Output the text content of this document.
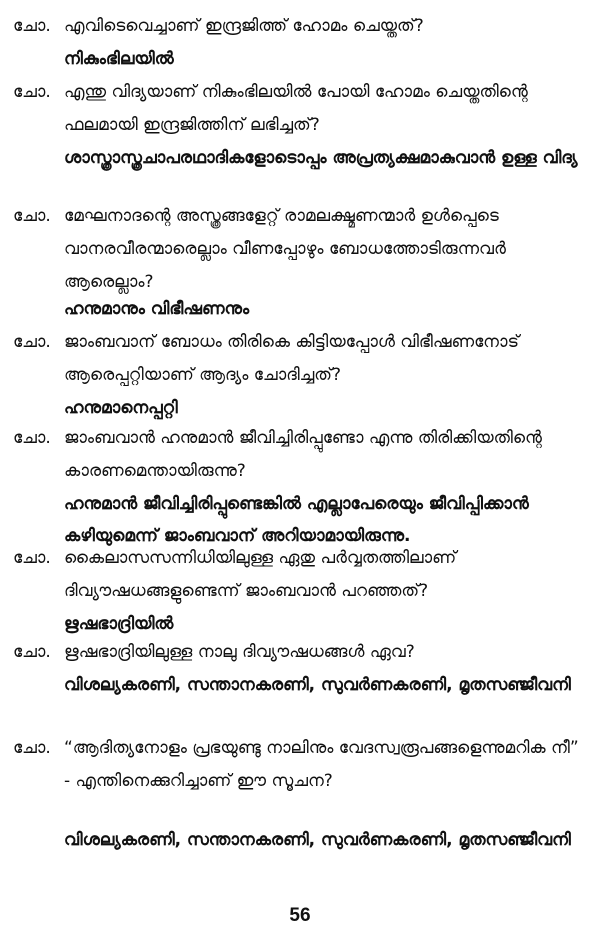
ചോ. എവിടെവെച്ചാണ് ഇന്ദ്രജിത്ത് ഹോമം ചെയ്തത്?
നികുംഭിലയിൽ
ചോ. എന്തു വിദ്യയാണ് നികുംഭിലയിൽ പോയി ഹോമം ചെയ്തതിന്റെ ഫലമായി ഇന്ദ്രജിത്തിന് ലഭിച്ചത്?
ശാസ്ത്രാസ്ത്രചാപരഥാദികളോടൊപ്പം അപ്രത്യക്ഷമാകുവാൻ ഉള്ള വിദ്യ
ചോ. മേഘനാദന്റെ അസ്ത്രങ്ങളേറ്റ് രാമലക്ഷ്മണന്മാർ ഉൾപ്പെടെ വാനരവീരന്മാരെല്ലാം വീണപ്പോഴും ബോധത്തോടിരുന്നവർ ആരെല്ലാം?
ഹനുമാനും വിഭീഷണനും
ചോ. ജാംബവാന് ബോധം തിരികെ കിട്ടിയപ്പോൾ വിഭീഷണനോട് ആരെപ്പറ്റിയാണ് ആദ്യം ചോദിച്ചത്?
ഹനുമാനെപ്പറ്റി
ചോ. ജാംബവാൻ ഹനുമാൻ ജീവിച്ചിരിപ്പുണ്ടോ എന്നു തിരിക്കിയതിന്റെ കാരണമെന്തായിരുന്നു?
ഹനുമാൻ ജീവിച്ചിരിപ്പുണ്ടെങ്കിൽ എല്ലാപേരെയും ജീവിപ്പിക്കാൻ കഴിയുമെന്ന് ജാംബവാന് അറിയാമായിരുന്നു.
ചോ. കൈലാസസന്നിധിയിലുള്ള ഏതു പർവ്വതത്തിലാണ് ദിവ്യൗഷധങ്ങളുണ്ടെന്ന് ജാംബവാൻ പറഞ്ഞത്?
ഋഷഭാദ്രിയിൽ
ചോ. ഋഷഭാദ്രിയിലുള്ള നാലു ദിവ്യൗഷധങ്ങൾ ഏവ?
വിശല്യകരണി, സന്താനകരണി, സുവർണകരണി, മൃതസഞ്ജീവനി
ചോ. “ആദിത്യനോളം പ്രഭയുണ്ടു നാലിനും വേദസ്വരൂപങ്ങളെന്നുമറിക നീ” - എന്തിനെക്കുറിച്ചാണ് ഈ സൂചന?
വിശല്യകരണി, സന്താനകരണി, സുവർണകരണി, മൃതസഞ്ജീവനി
56
